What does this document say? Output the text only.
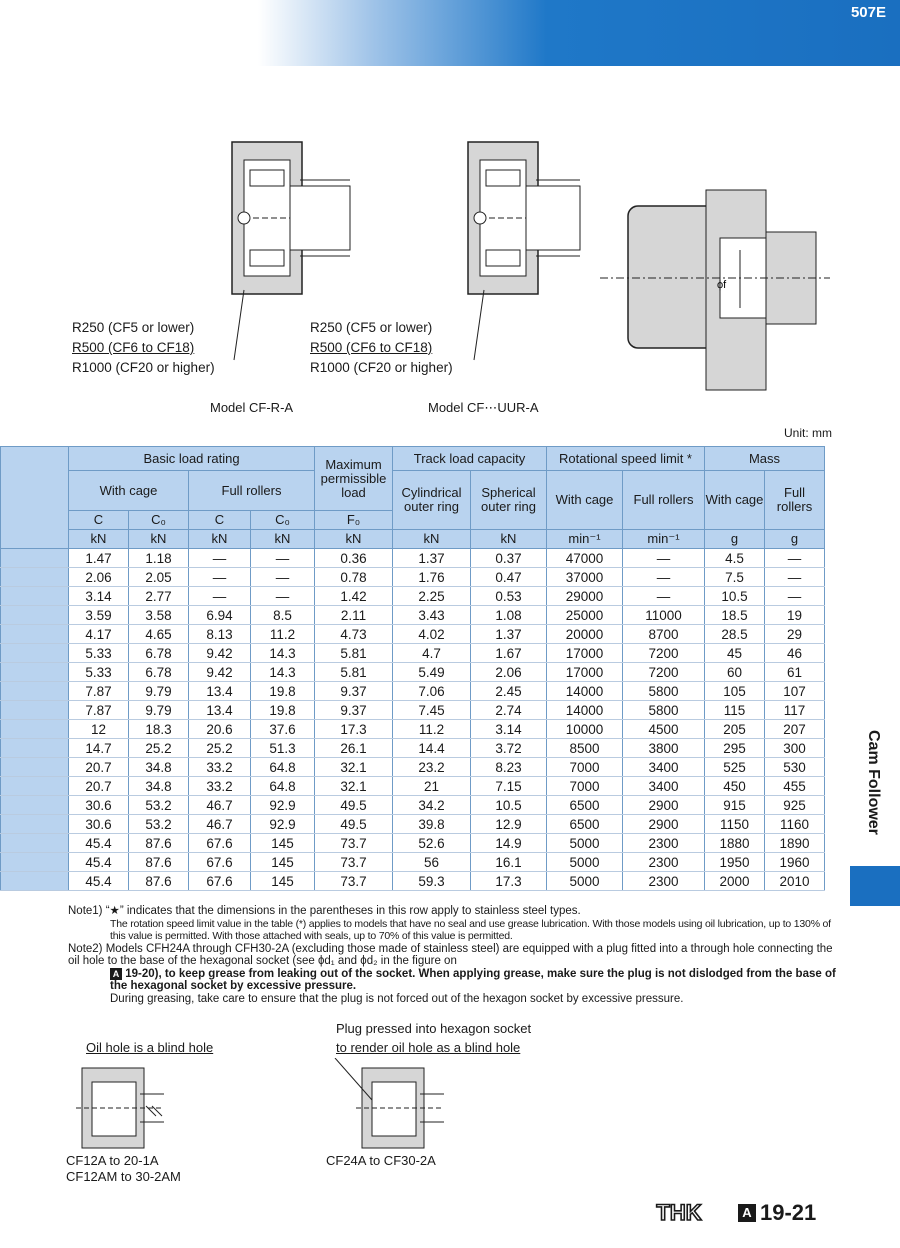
507E
ϕf
R250 (CF5 or lower)
R500 (CF6 to CF18)
R1000 (CF20 or higher)
R250 (CF5 or lower)
R500 (CF6 to CF18)
R1000 (CF20 or higher)
Model CF-R-A	Model CF⋯UUR-A
Unit: mm
	Basic load rating				Maximum permissible load	Track load capacity		Rotational speed limit *		Mass	
	With cage		Full rollers			Cylindrical outer ring	Spherical outer ring	With cage	Full rollers	With cage	Full rollers
	C	C₀	C	C₀	F₀						
	kN	kN	kN	kN	kN	kN	kN	min⁻¹	min⁻¹	g	g
	1.47	1.18	—	—	0.36	1.37	0.37	47000	—	4.5	—
	2.06	2.05	—	—	0.78	1.76	0.47	37000	—	7.5	—
	3.14	2.77	—	—	1.42	2.25	0.53	29000	—	10.5	—
	3.59	3.58	6.94	8.5	2.11	3.43	1.08	25000	11000	18.5	19
	4.17	4.65	8.13	11.2	4.73	4.02	1.37	20000	8700	28.5	29
	5.33	6.78	9.42	14.3	5.81	4.7	1.67	17000	7200	45	46
	5.33	6.78	9.42	14.3	5.81	5.49	2.06	17000	7200	60	61
	7.87	9.79	13.4	19.8	9.37	7.06	2.45	14000	5800	105	107
	7.87	9.79	13.4	19.8	9.37	7.45	2.74	14000	5800	115	117
	12	18.3	20.6	37.6	17.3	11.2	3.14	10000	4500	205	207
	14.7	25.2	25.2	51.3	26.1	14.4	3.72	8500	3800	295	300
	20.7	34.8	33.2	64.8	32.1	23.2	8.23	7000	3400	525	530
	20.7	34.8	33.2	64.8	32.1	21	7.15	7000	3400	450	455
	30.6	53.2	46.7	92.9	49.5	34.2	10.5	6500	2900	915	925
	30.6	53.2	46.7	92.9	49.5	39.8	12.9	6500	2900	1150	1160
	45.4	87.6	67.6	145	73.7	52.6	14.9	5000	2300	1880	1890
	45.4	87.6	67.6	145	73.7	56	16.1	5000	2300	1950	1960
	45.4	87.6	67.6	145	73.7	59.3	17.3	5000	2300	2000	2010
Cam Follower

Note1) “★” indicates that the dimensions in the parentheses in this row apply to stainless steel types.

The rotation speed limit value in the table (*) applies to models that have no seal and use grease lubrication. With those models using oil lubrication, up to 130% of this value is permitted. With those attached with seals, up to 70% of this value is permitted.

Note2) Models CFH24A through CFH30-2A (excluding those made of stainless steel) are equipped with a plug fitted into a through hole connecting the oil hole to the base of the hexagonal socket (see ϕd₁ and ϕd₂ in the figure on

A 19-20), to keep grease from leaking out of the socket. When applying grease, make sure the plug is not dislodged from the base of the hexagonal socket by excessive pressure.

During greasing, take care to ensure that the plug is not forced out of the hexagon socket by excessive pressure.

Oil hole is a blind hole
Plug pressed into hexagon socket
to render oil hole as a blind hole
CF12A to 20-1A
CF12AM to 30-2AM
CF24A to CF30-2A
THK	A 19-21
